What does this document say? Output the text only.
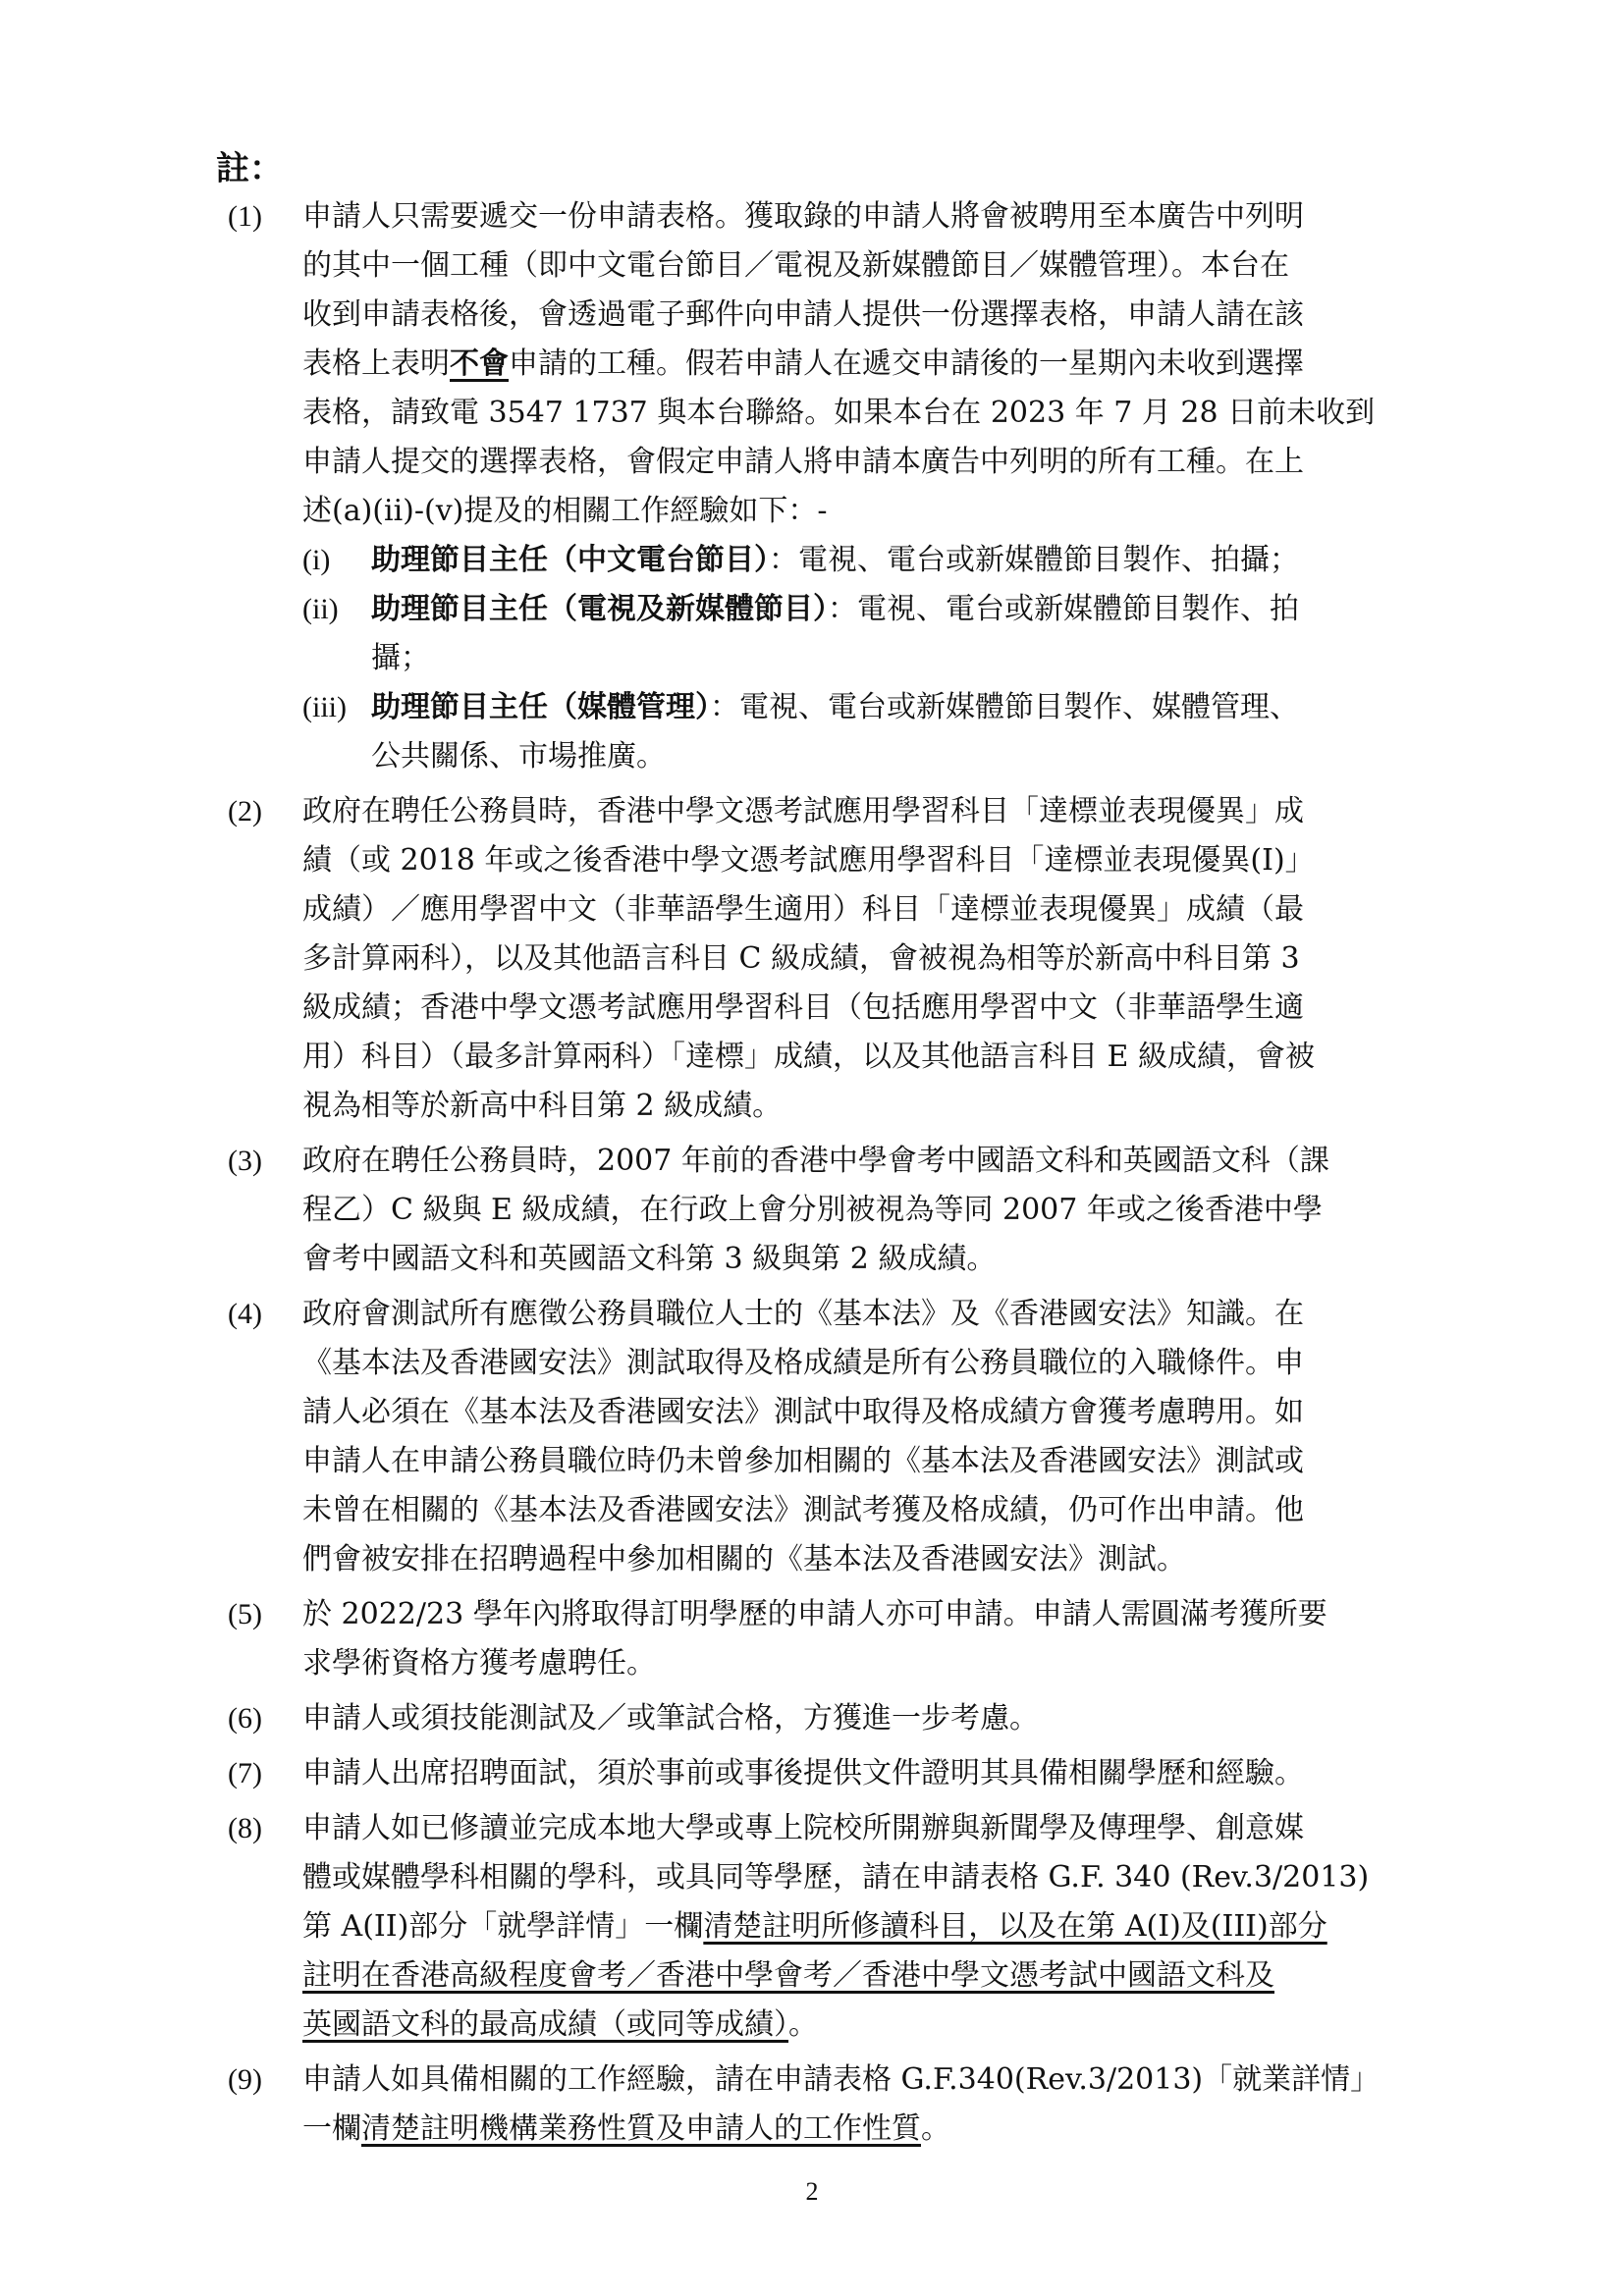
註：
(1) 申請人只需要遞交一份申請表格。獲取錄的申請人將會被聘用至本廣告中列明
的其中一個工種（即中文電台節目／電視及新媒體節目／媒體管理）。本台在
收到申請表格後，會透過電子郵件向申請人提供一份選擇表格，申請人請在該
表格上表明不會申請的工種。假若申請人在遞交申請後的一星期內未收到選擇
表格，請致電 3547 1737 與本台聯絡。如果本台在 2023 年 7 月 28 日前未收到
申請人提交的選擇表格，會假定申請人將申請本廣告中列明的所有工種。在上
述(a)(ii)-(v)提及的相關工作經驗如下：-
(i) 助理節目主任（中文電台節目）：電視、電台或新媒體節目製作、拍攝；
(ii) 助理節目主任（電視及新媒體節目）：電視、電台或新媒體節目製作、拍
攝；
(iii) 助理節目主任（媒體管理）：電視、電台或新媒體節目製作、媒體管理、
公共關係、市場推廣。
(2) 政府在聘任公務員時，香港中學文憑考試應用學習科目「達標並表現優異」成
績（或 2018 年或之後香港中學文憑考試應用學習科目「達標並表現優異(I)」
成績）／應用學習中文（非華語學生適用）科目「達標並表現優異」成績（最
多計算兩科），以及其他語言科目 C 級成績，會被視為相等於新高中科目第 3
級成績；香港中學文憑考試應用學習科目（包括應用學習中文（非華語學生適
用）科目）（最多計算兩科）「達標」成績，以及其他語言科目 E 級成績，會被
視為相等於新高中科目第 2 級成績。
(3) 政府在聘任公務員時，2007 年前的香港中學會考中國語文科和英國語文科（課
程乙）C 級與 E 級成績，在行政上會分別被視為等同 2007 年或之後香港中學
會考中國語文科和英國語文科第 3 級與第 2 級成績。
(4) 政府會測試所有應徵公務員職位人士的《基本法》及《香港國安法》知識。在
《基本法及香港國安法》測試取得及格成績是所有公務員職位的入職條件。申
請人必須在《基本法及香港國安法》測試中取得及格成績方會獲考慮聘用。如
申請人在申請公務員職位時仍未曾參加相關的《基本法及香港國安法》測試或
未曾在相關的《基本法及香港國安法》測試考獲及格成績，仍可作出申請。他
們會被安排在招聘過程中參加相關的《基本法及香港國安法》測試。
(5) 於 2022/23 學年內將取得訂明學歷的申請人亦可申請。申請人需圓滿考獲所要
求學術資格方獲考慮聘任。
(6) 申請人或須技能測試及／或筆試合格，方獲進一步考慮。
(7) 申請人出席招聘面試，須於事前或事後提供文件證明其具備相關學歷和經驗。
(8) 申請人如已修讀並完成本地大學或專上院校所開辦與新聞學及傳理學、創意媒
體或媒體學科相關的學科，或具同等學歷，請在申請表格 G.F. 340 (Rev.3/2013)
第 A(II)部分「就學詳情」一欄清楚註明所修讀科目，以及在第 A(I)及(III)部分
註明在香港高級程度會考／香港中學會考／香港中學文憑考試中國語文科及
英國語文科的最高成績（或同等成績）。
(9) 申請人如具備相關的工作經驗，請在申請表格 G.F.340(Rev.3/2013)「就業詳情」
一欄清楚註明機構業務性質及申請人的工作性質。
2
